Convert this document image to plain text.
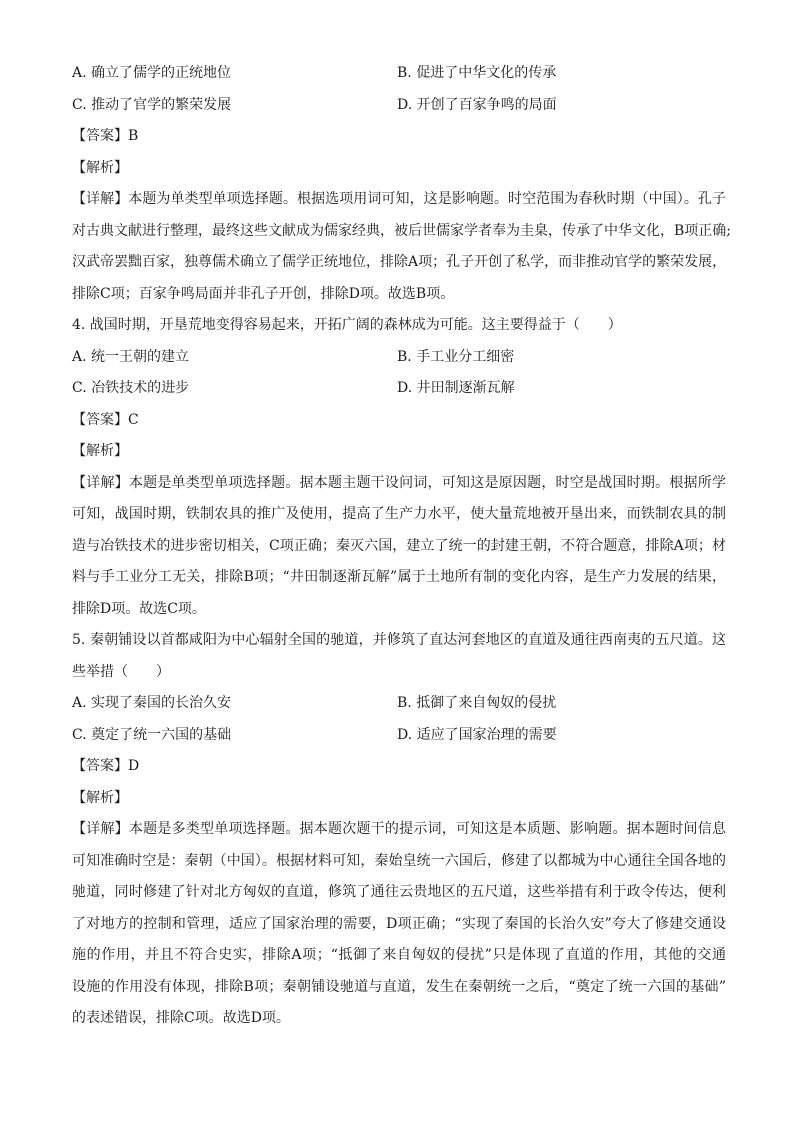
A. 确立了儒学的正统地位	B. 促进了中华文化的传承
C. 推动了官学的繁荣发展	D. 开创了百家争鸣的局面
【答案】B
【解析】
【详解】本题为单类型单项选择题。根据选项用词可知，这是影响题。时空范围为春秋时期（中国）。孔子
对古典文献进行整理，最终这些文献成为儒家经典，被后世儒家学者奉为圭臬，传承了中华文化，B项正确;
汉武帝罢黜百家，独尊儒术确立了儒学正统地位，排除A项；孔子开创了私学，而非推动官学的繁荣发展，
排除C项；百家争鸣局面并非孔子开创，排除D项。故选B项。
4. 战国时期，开垦荒地变得容易起来，开拓广阔的森林成为可能。这主要得益于（　　）
A. 统一王朝的建立	B. 手工业分工细密
C. 冶铁技术的进步	D. 井田制逐渐瓦解
【答案】C
【解析】
【详解】本题是单类型单项选择题。据本题主题干设问词，可知这是原因题，时空是战国时期。根据所学
可知，战国时期，铁制农具的推广及使用，提高了生产力水平，使大量荒地被开垦出来，而铁制农具的制
造与冶铁技术的进步密切相关，C项正确；秦灭六国，建立了统一的封建王朝，不符合题意，排除A项；材
料与手工业分工无关，排除B项；“井田制逐渐瓦解”属于土地所有制的变化内容，是生产力发展的结果，
排除D项。故选C项。
5. 秦朝铺设以首都咸阳为中心辐射全国的驰道，并修筑了直达河套地区的直道及通往西南夷的五尺道。这
些举措（　　）
A. 实现了秦国的长治久安	B. 抵御了来自匈奴的侵扰
C. 奠定了统一六国的基础	D. 适应了国家治理的需要
【答案】D
【解析】
【详解】本题是多类型单项选择题。据本题次题干的提示词，可知这是本质题、影响题。据本题时间信息
可知准确时空是：秦朝（中国）。根据材料可知，秦始皇统一六国后，修建了以都城为中心通往全国各地的
驰道，同时修建了针对北方匈奴的直道，修筑了通往云贵地区的五尺道，这些举措有利于政令传达，便利
了对地方的控制和管理，适应了国家治理的需要，D项正确；“实现了秦国的长治久安”夸大了修建交通设
施的作用，并且不符合史实，排除A项；“抵御了来自匈奴的侵扰”只是体现了直道的作用，其他的交通
设施的作用没有体现，排除B项；秦朝铺设驰道与直道，发生在秦朝统一之后，“奠定了统一六国的基础”
的表述错误，排除C项。故选D项。
